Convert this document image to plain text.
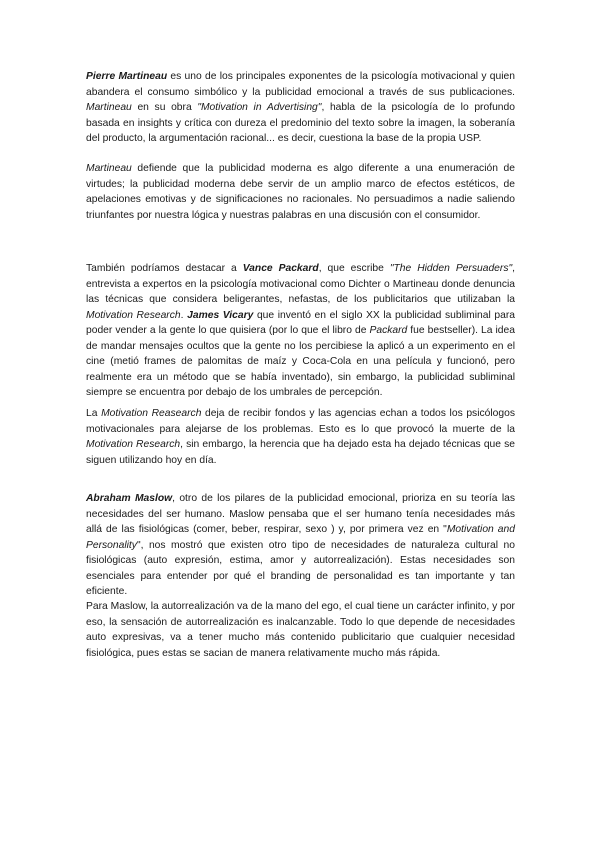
Pierre Martineau es uno de los principales exponentes de la psicología motivacional y quien abandera el consumo simbólico y la publicidad emocional a través de sus publicaciones. Martineau en su obra "Motivation in Advertising", habla de la psicología de lo profundo basada en insights y crítica con dureza el predominio del texto sobre la imagen, la soberanía del producto, la argumentación racional... es decir, cuestiona la base de la propia USP.

Martineau defiende que la publicidad moderna es algo diferente a una enumeración de virtudes; la publicidad moderna debe servir de un amplio marco de efectos estéticos, de apelaciones emotivas y de significaciones no racionales. No persuadimos a nadie saliendo triunfantes por nuestra lógica y nuestras palabras en una discusión con el consumidor.

También podríamos destacar a Vance Packard, que escribe "The Hidden Persuaders", entrevista a expertos en la psicología motivacional como Dichter o Martineau donde denuncia las técnicas que considera beligerantes, nefastas, de los publicitarios que utilizaban la Motivation Research. James Vicary que inventó en el siglo XX la publicidad subliminal para poder vender a la gente lo que quisiera (por lo que el libro de Packard fue bestseller). La idea de mandar mensajes ocultos que la gente no los percibiese la aplicó a un experimento en el cine (metió frames de palomitas de maíz y Coca-Cola en una película y funcionó, pero realmente era un método que se había inventado), sin embargo, la publicidad subliminal siempre se encuentra por debajo de los umbrales de percepción.

La Motivation Reasearch deja de recibir fondos y las agencias echan a todos los psicólogos motivacionales para alejarse de los problemas. Esto es lo que provocó la muerte de la Motivation Research, sin embargo, la herencia que ha dejado esta ha dejado técnicas que se siguen utilizando hoy en día.

Abraham Maslow, otro de los pilares de la publicidad emocional, prioriza en su teoría las necesidades del ser humano. Maslow pensaba que el ser humano tenía necesidades más allá de las fisiológicas (comer, beber, respirar, sexo ) y, por primera vez en "Motivation and Personality", nos mostró que existen otro tipo de necesidades de naturaleza cultural no fisiológicas (auto expresión, estima, amor y autorrealización). Estas necesidades son esenciales para entender por qué el branding de personalidad es tan importante y tan eficiente.

Para Maslow, la autorrealización va de la mano del ego, el cual tiene un carácter infinito, y por eso, la sensación de autorrealización es inalcanzable. Todo lo que depende de necesidades auto expresivas, va a tener mucho más contenido publicitario que cualquier necesidad fisiológica, pues estas se sacian de manera relativamente mucho más rápida.
